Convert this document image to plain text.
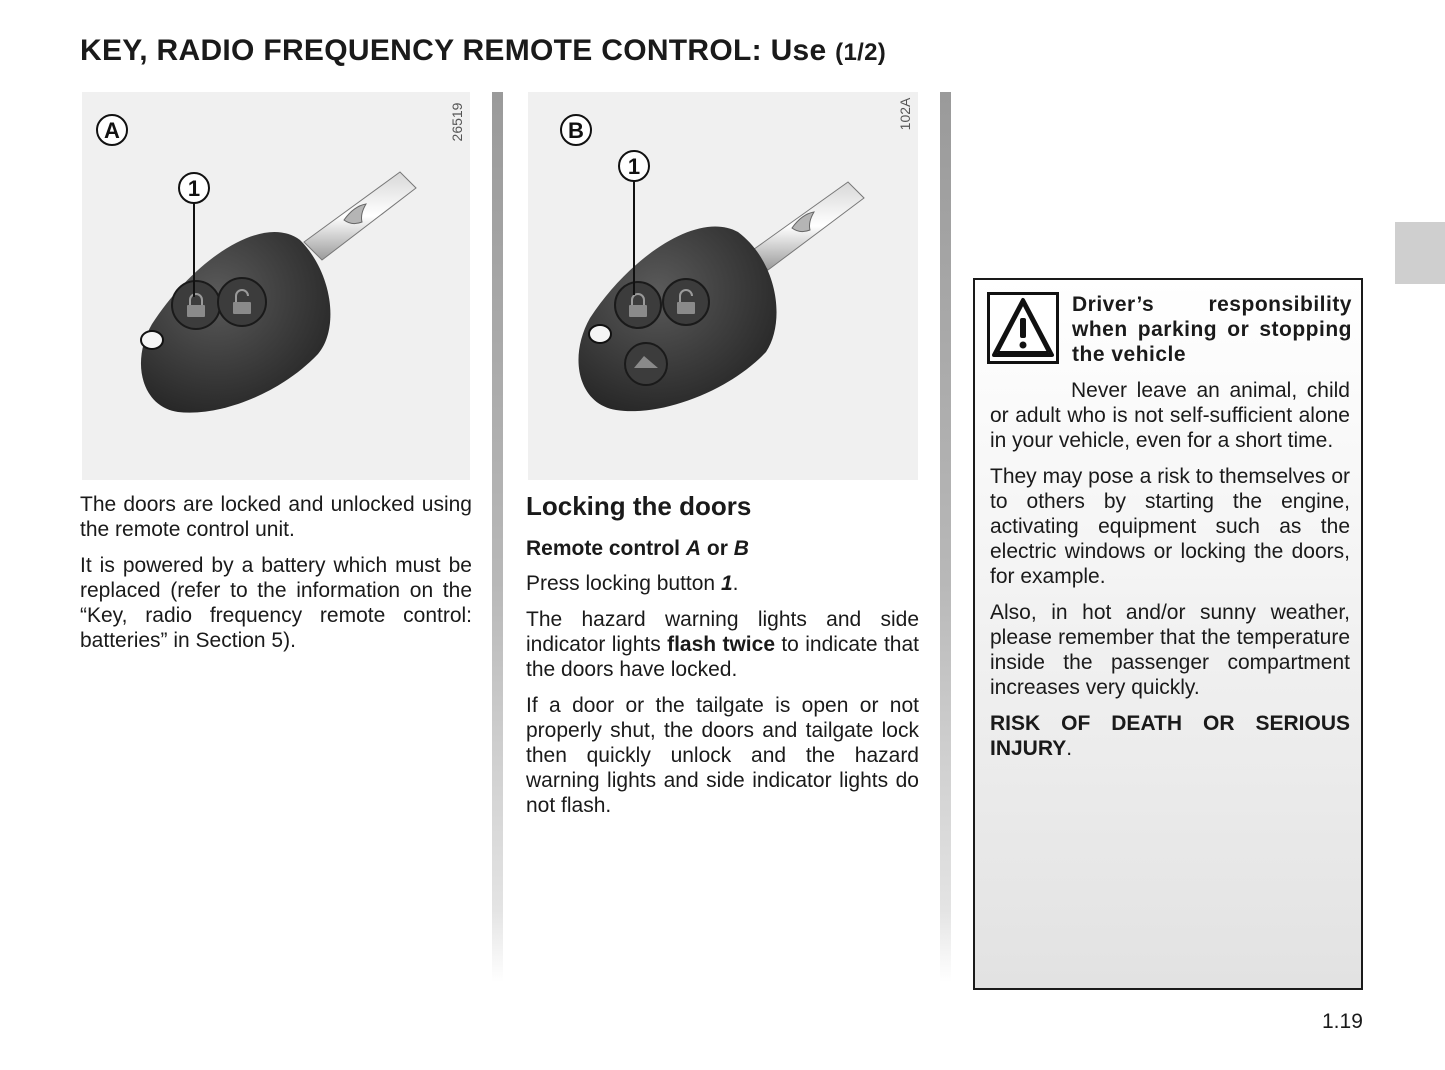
KEY, RADIO FREQUENCY REMOTE CONTROL: Use (1/2)
A
1
26519	B
1
102A

The doors are locked and unlocked using the remote control unit.

It is powered by a battery which must be replaced (refer to the information on the “Key, radio frequency remote control: batteries” in Section 5).

Locking the doors
Remote control A or B

Press locking button 1.

The hazard warning lights and side indicator lights flash twice to indicate that the doors have locked.

If a door or the tailgate is open or not properly shut, the doors and tailgate lock then quickly unlock and the hazard warning lights and side indicator lights do not flash.

Driver’s responsibility when parking or stopping the vehicle

Never leave an animal, child or adult who is not self-sufficient alone in your vehicle, even for a short time.

They may pose a risk to themselves or to others by starting the engine, activating equipment such as the electric windows or locking the doors, for example.

Also, in hot and/or sunny weather, please remember that the temperature inside the passenger compartment increases very quickly.

RISK OF DEATH OR SERIOUS INJURY.

1.19
